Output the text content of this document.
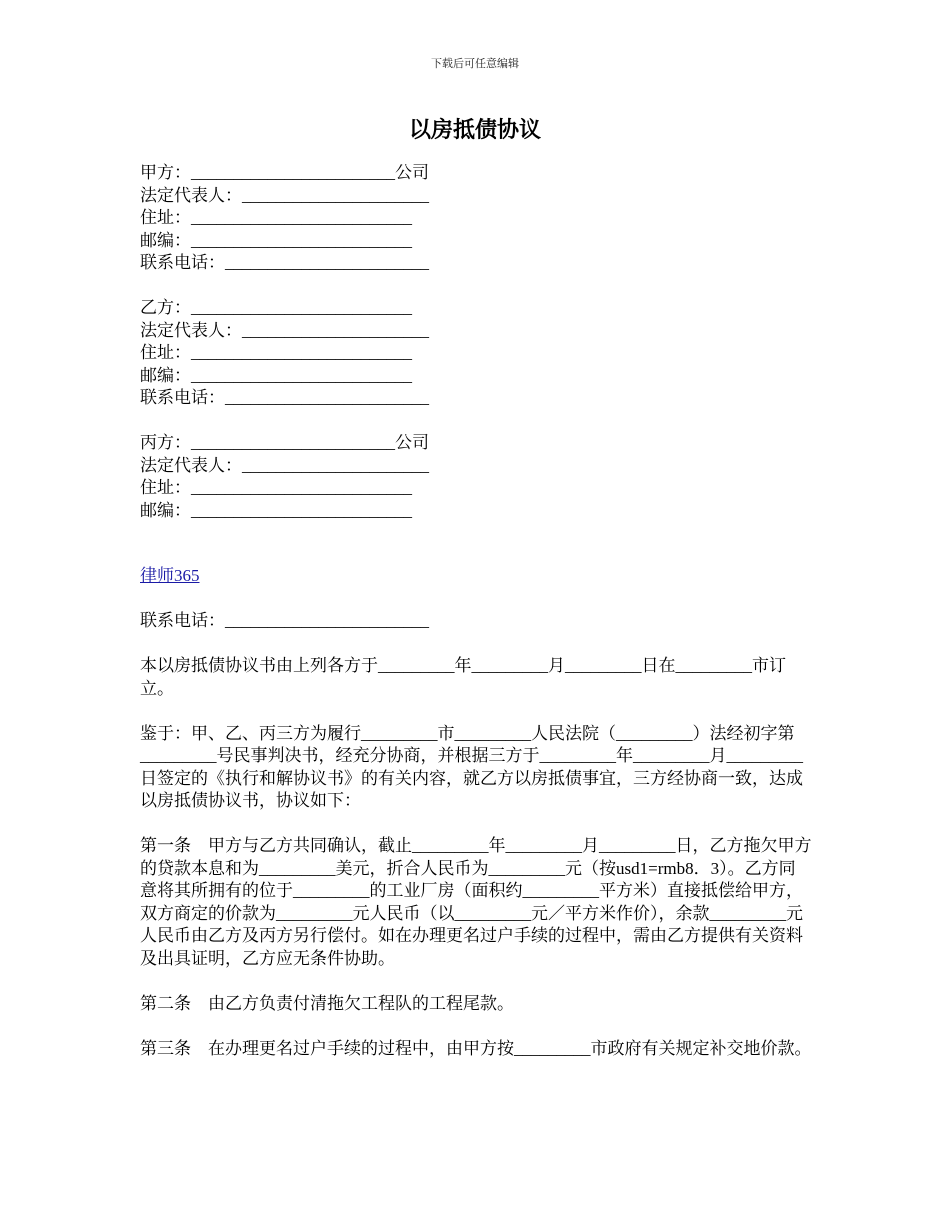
下载后可任意编辑
以房抵债协议
甲方：________________________公司
法定代表人：______________________
住址：__________________________
邮编：__________________________
联系电话：________________________
乙方：__________________________
法定代表人：______________________
住址：__________________________
邮编：__________________________
联系电话：________________________
丙方：________________________公司
法定代表人：______________________
住址：__________________________
邮编：__________________________
律师365
联系电话：________________________

本以房抵债协议书由上列各方于_________年_________月_________日在_________市订立。

鉴于：甲、乙、丙三方为履行_________市_________人民法院（_________）法经初字第_________号民事判决书，经充分协商，并根据三方于_________年_________月_________日签定的《执行和解协议书》的有关内容，就乙方以房抵债事宜，三方经协商一致，达成以房抵债协议书，协议如下：

第一条　甲方与乙方共同确认，截止_________年_________月_________日，乙方拖欠甲方的贷款本息和为_________美元，折合人民币为_________元（按usd1=rmb8．3）。乙方同意将其所拥有的位于_________的工业厂房（面积约_________平方米）直接抵偿给甲方，双方商定的价款为_________元人民币（以_________元／平方米作价），余款_________元人民币由乙方及丙方另行偿付。如在办理更名过户手续的过程中，需由乙方提供有关资料及出具证明，乙方应无条件协助。

第二条　由乙方负责付清拖欠工程队的工程尾款。

第三条　在办理更名过户手续的过程中，由甲方按_________市政府有关规定补交地价款。
